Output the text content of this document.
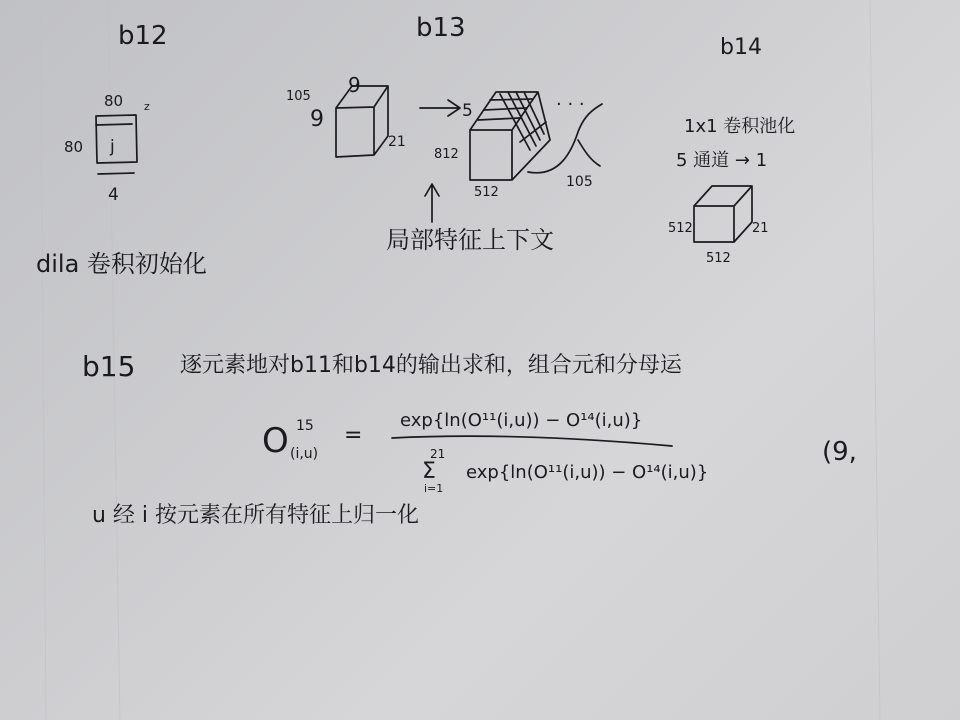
b12
80 z
80 j
4
dila 卷积初始化
b13
105 9
9
21
5
812
512
· · ·
105
局部特征上下文
b14
1x1 卷积池化
5 通道 → 1
512	21
512
b15 逐元素地对b11和b14的输出求和，组合元和分母运
O 15
(i,u)
=
exp{ln(O¹¹(i,u)) − O¹⁴(i,u)}
21
Σ
i=1
exp{ln(O¹¹(i,u)) − O¹⁴(i,u)}
(9,
u 经 i 按元素在所有特征上归一化
